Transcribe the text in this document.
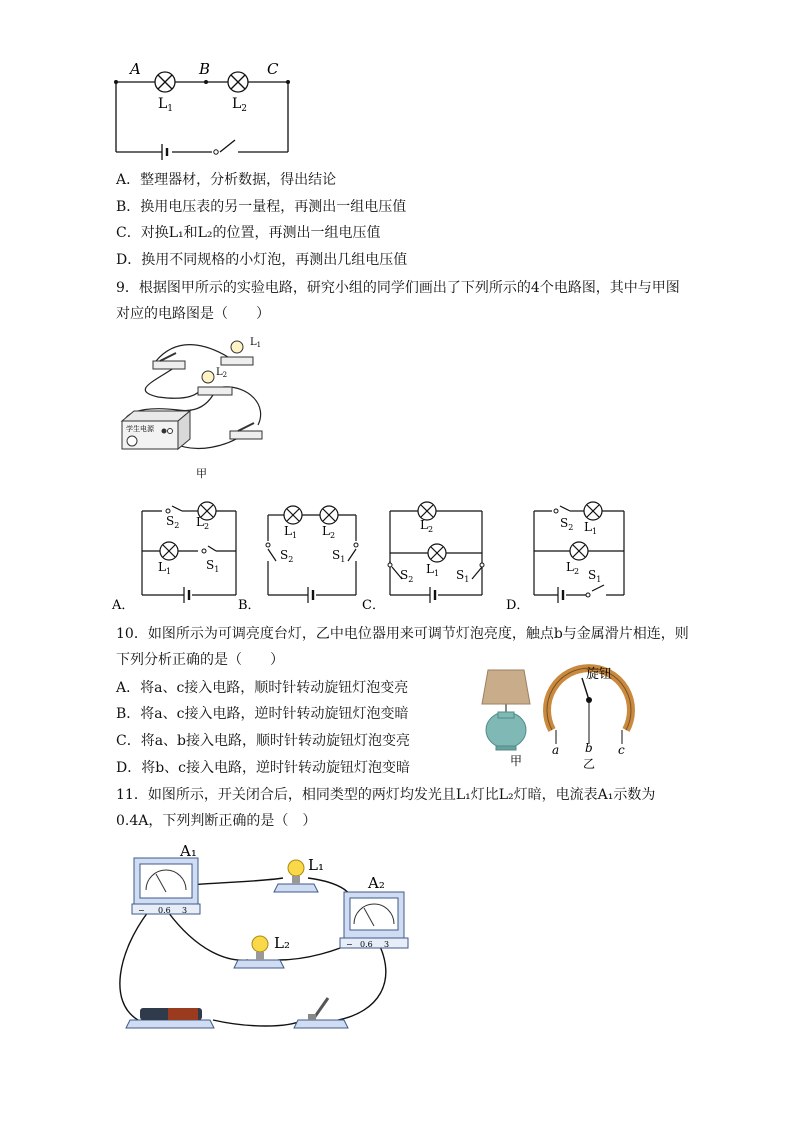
A	B	C
$L_1$	$L_2$
A．整理器材，分析数据，得出结论
B．换用电压表的另一量程，再测出一组电压值
C．对换L₁和L₂的位置，再测出一组电压值
D．换用不同规格的小灯泡，再测出几组电压值
9．根据图甲所示的实验电路，研究小组的同学们画出了下列所示的4个电路图，其中与甲图
对应的电路图是（　　）
$L_1$
$L_2$
学生电源
甲
$S_2$ $L_2$
$L_1$	$S_1$
$L_1$ $L_2$
$S_2$	$S_1$
$L_2$
$L_1$
$S_2$	$S_1$
$S_2$ $L_1$
$L_2$ $S_1$
A．	B．	C．	D．
10．如图所示为可调亮度台灯，乙中电位器用来可调节灯泡亮度，触点b与金属滑片相连，则
下列分析正确的是（　　）
A．将a、c接入电路，顺时针转动旋钮灯泡变亮
B．将a、c接入电路，逆时针转动旋钮灯泡变暗
C．将a、b接入电路，顺时针转动旋钮灯泡变亮
D．将b、c接入电路，逆时针转动旋钮灯泡变暗	甲
旋钮
a b c
乙
11．如图所示，开关闭合后，相同类型的两灯均发光且L₁灯比L₂灯暗，电流表A₁示数为
0.4A，下列判断正确的是（　）
− 0.6 3
A₁
L₁
− 0.6 3
A₂
L₂
